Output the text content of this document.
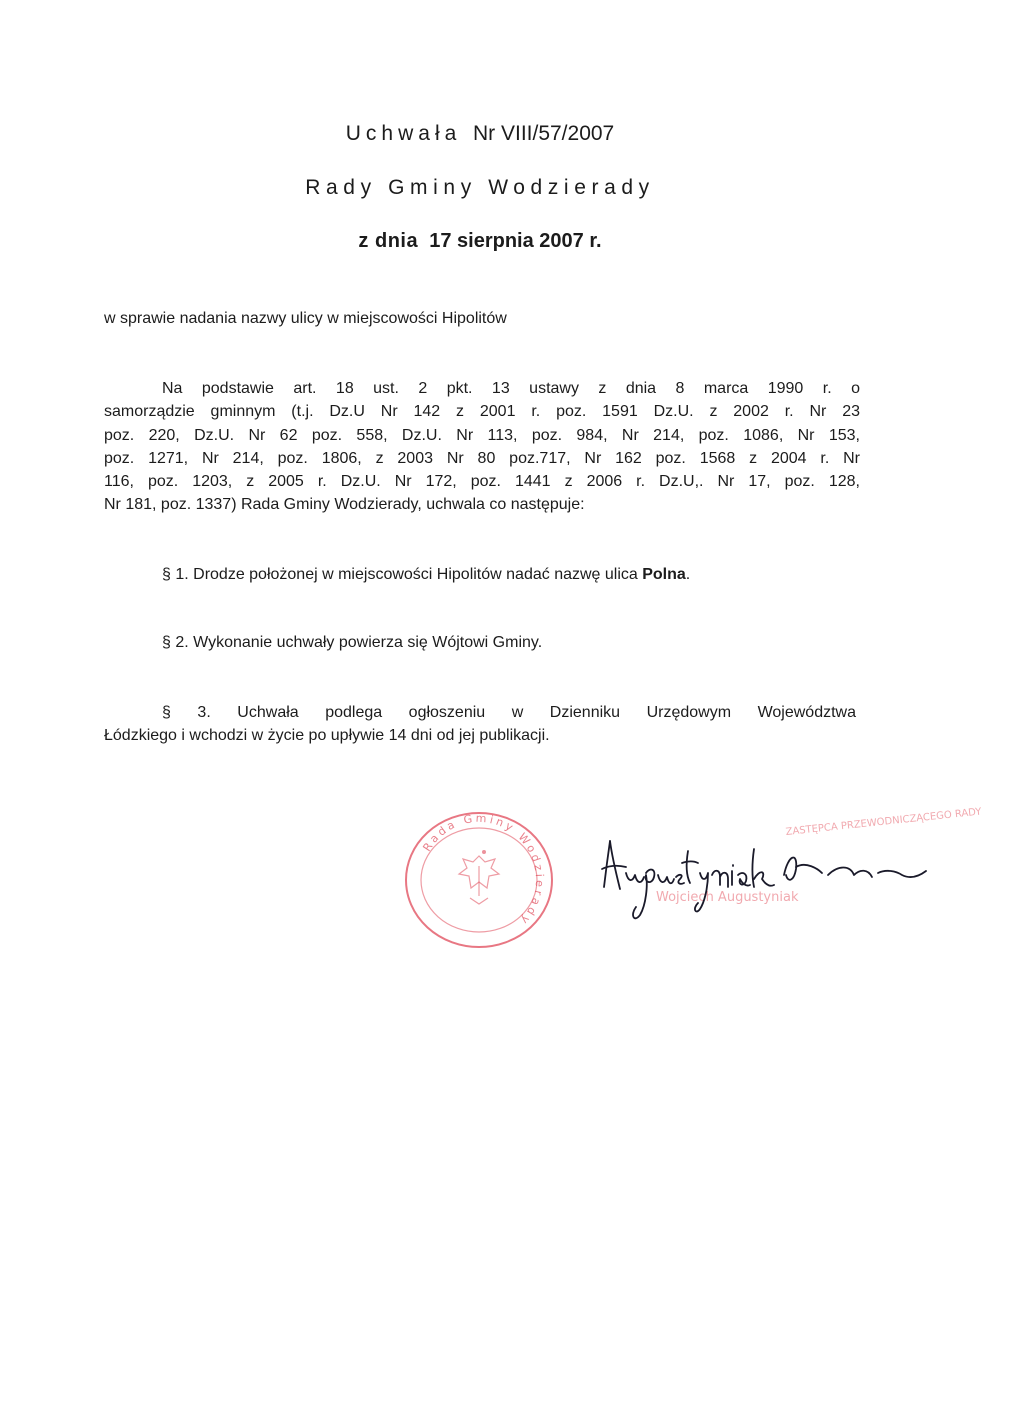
Uchwała Nr VIII/57/2007
Rady Gminy Wodzierady
z dnia 17 sierpnia 2007 r.
w sprawie nadania nazwy ulicy w miejscowości Hipolitów
Na podstawie art. 18 ust. 2 pkt. 13 ustawy z dnia 8 marca 1990 r. o
samorządzie gminnym (t.j. Dz.U Nr 142 z 2001 r. poz. 1591 Dz.U. z 2002 r. Nr 23
poz. 220, Dz.U. Nr 62 poz. 558, Dz.U. Nr 113, poz. 984, Nr 214, poz. 1086, Nr 153,
poz. 1271, Nr 214, poz. 1806, z 2003 Nr 80 poz.717, Nr 162 poz. 1568 z 2004 r. Nr
116, poz. 1203, z 2005 r. Dz.U. Nr 172, poz. 1441 z 2006 r. Dz.U,. Nr 17, poz. 128,
Nr 181, poz. 1337) Rada Gminy Wodzierady, uchwala co następuje:
§ 1. Drodze położonej w miejscowości Hipolitów nadać nazwę ulica Polna.
§ 2. Wykonanie uchwały powierza się Wójtowi Gminy.
§ 3. Uchwała podlega ogłoszeniu w Dzienniku Urzędowym Województwa
Łódzkiego i wchodzi w życie po upływie 14 dni od jej publikacji.
Rada Gminy Wodzierady
ZASTĘPCA PRZEWODNICZĄCEGO RADY
Wojciech Augustyniak
